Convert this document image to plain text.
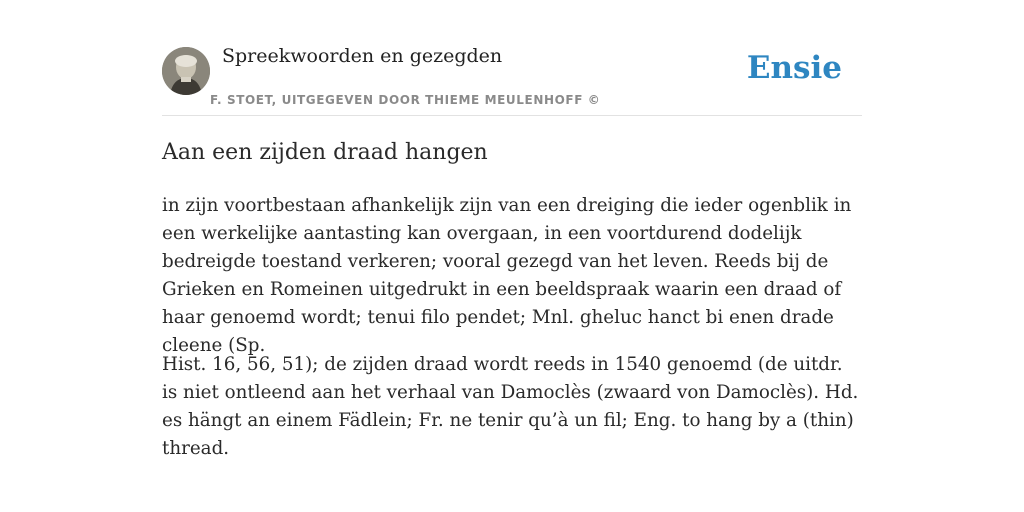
Spreekwoorden en gezegden
F. STOET, UITGEGEVEN DOOR THIEME MEULENHOFF ©
Ensie
Aan een zijden draad hangen

in zijn voortbestaan afhankelijk zijn van een dreiging die ieder ogenblik in een werkelijke aantasting kan overgaan, in een voortdurend dodelijk bedreigde toestand verkeren; vooral gezegd van het leven. Reeds bij de Grieken en Romeinen uitgedrukt in een beeldspraak waarin een draad of haar genoemd wordt; tenui filo pendet; Mnl. gheluc hanct bi enen drade cleene (Sp.

Hist. 16, 56, 51); de zijden draad wordt reeds in 1540 genoemd (de uitdr. is niet ontleend aan het verhaal van Damoclès (zwaard von Damoclès). Hd. es hängt an einem Fädlein; Fr. ne tenir qu’à un fil; Eng. to hang by a (thin) thread.
